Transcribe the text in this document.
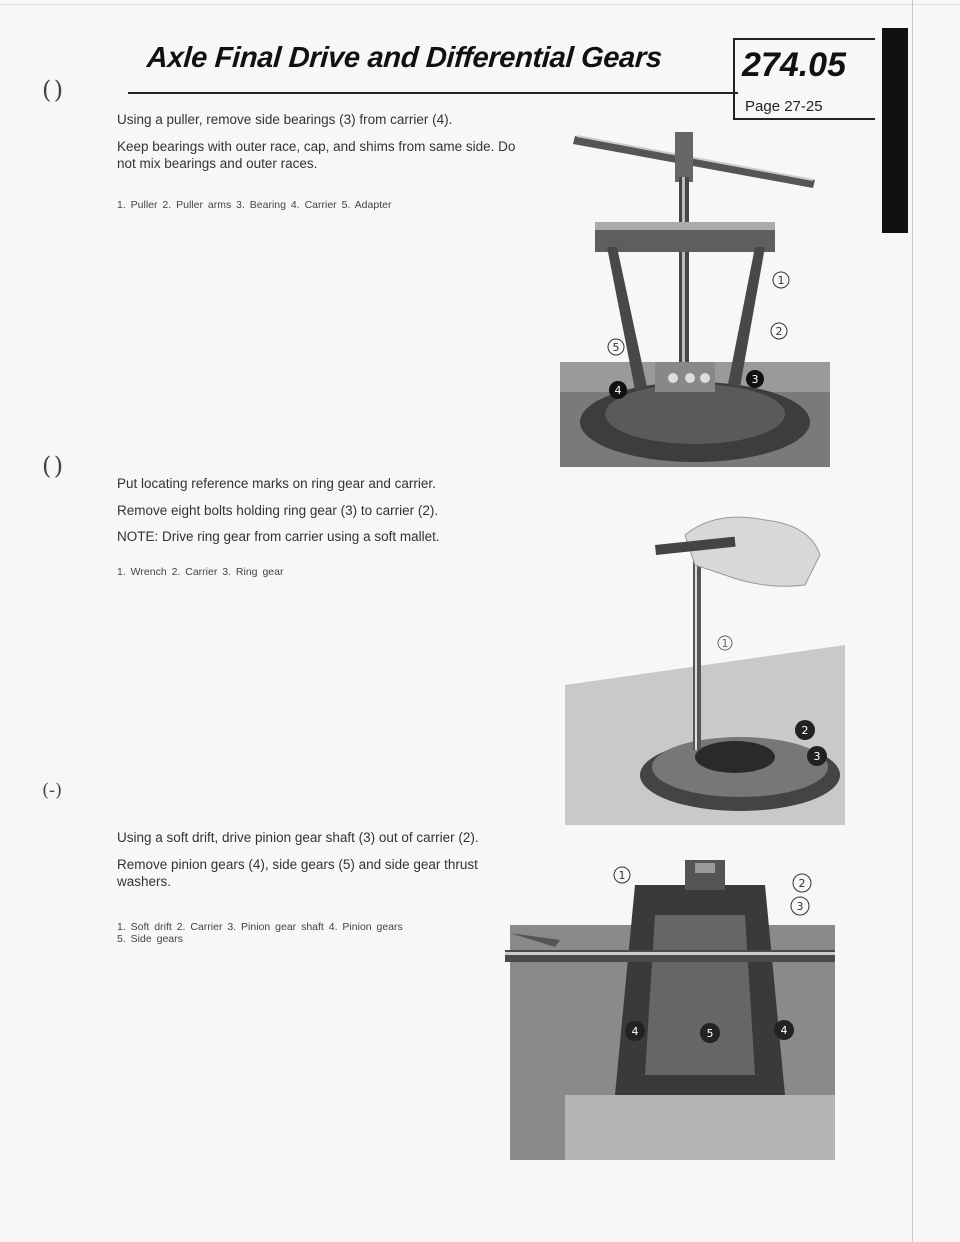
Axle Final Drive and Differential Gears 274.05
Page 27-25
( )
( )
(-)
Using a puller, remove side bearings (3) from carrier (4).
Keep bearings with outer race, cap, and shims from same side. Do not mix bearings and outer races.
1. Puller 2. Puller arms 3. Bearing 4. Carrier 5. Adapter
1
2
5
3
4
Put locating reference marks on ring gear and carrier.
Remove eight bolts holding ring gear (3) to carrier (2).
NOTE: Drive ring gear from carrier using a soft mallet.
1. Wrench 2. Carrier 3. Ring gear
1
2
3
Using a soft drift, drive pinion gear shaft (3) out of carrier (2).
Remove pinion gears (4), side gears (5) and side gear thrust washers.
1. Soft drift 2. Carrier 3. Pinion gear shaft 4. Pinion gears
5. Side gears
1
2
3
4	5	4
